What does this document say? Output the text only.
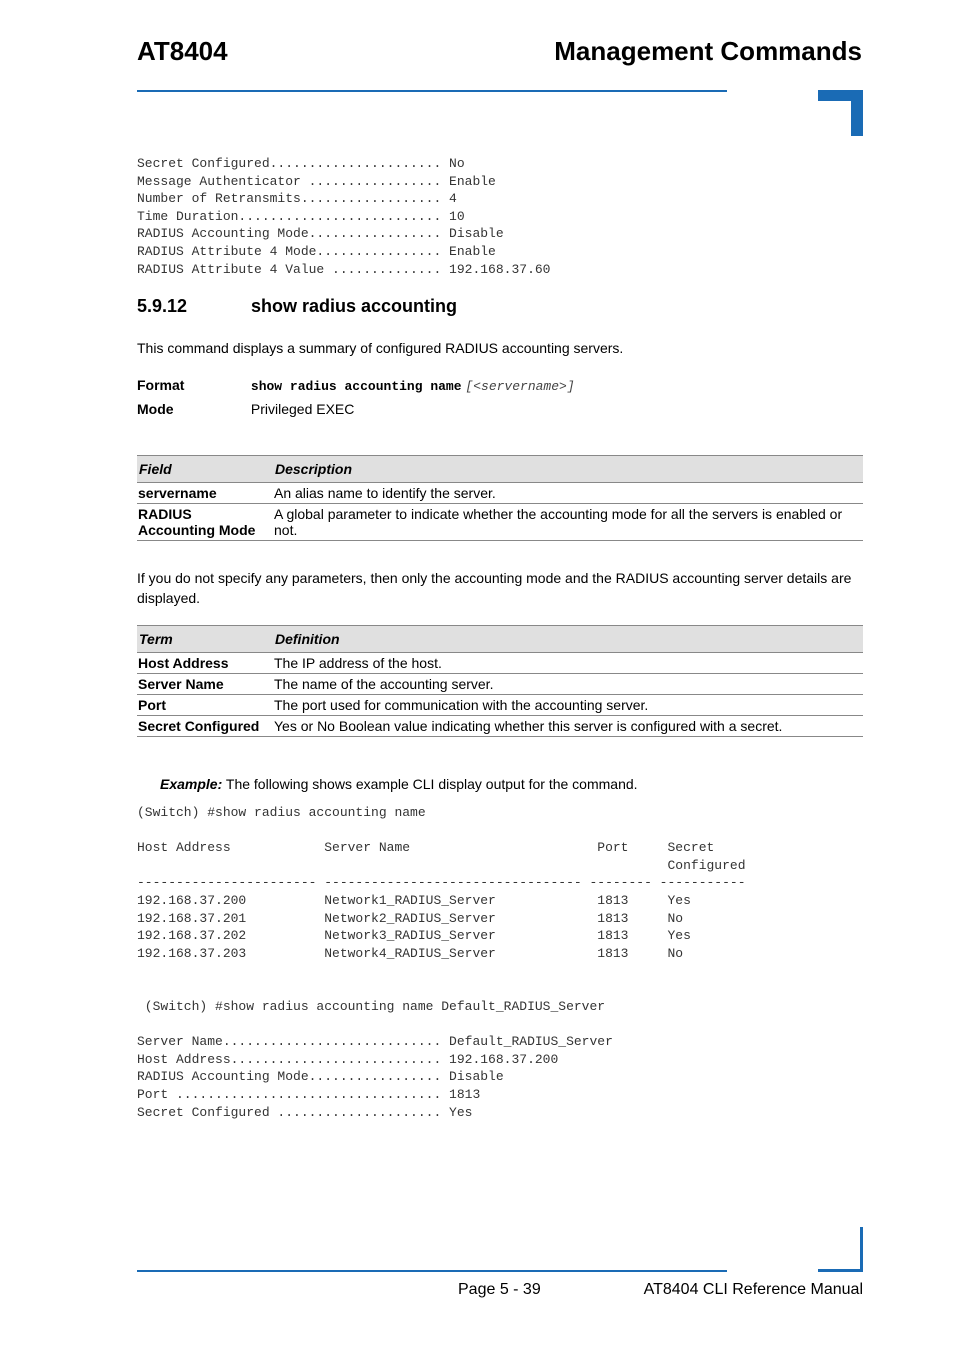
AT8404	Management Commands
Secret Configured...................... No
Message Authenticator ................. Enable
Number of Retransmits.................. 4
Time Duration.......................... 10
RADIUS Accounting Mode................. Disable
RADIUS Attribute 4 Mode................ Enable
RADIUS Attribute 4 Value .............. 192.168.37.60
5.9.12	show radius accounting
This command displays a summary of configured RADIUS accounting servers.
Format	show radius accounting name [<servername>]
Mode	Privileged EXEC
Field	Description
servername	An alias name to identify the server.
RADIUS Accounting Mode	A global parameter to indicate whether the accounting mode for all the servers is enabled or not.
If you do not specify any parameters, then only the accounting mode and the RADIUS accounting server details are displayed.
Term	Definition
Host Address	The IP address of the host.
Server Name	The name of the accounting server.
Port	The port used for communication with the accounting server.
Secret Configured	Yes or No Boolean value indicating whether this server is configured with a secret.
Example: The following shows example CLI display output for the command.
(Switch) #show radius accounting name

Host Address            Server Name                        Port     Secret
Configured
----------------------- --------------------------------- -------- -----------
192.168.37.200          Network1_RADIUS_Server             1813     Yes
192.168.37.201          Network2_RADIUS_Server             1813     No
192.168.37.202          Network3_RADIUS_Server             1813     Yes
192.168.37.203          Network4_RADIUS_Server             1813     No
(Switch) #show radius accounting name Default_RADIUS_Server

Server Name............................ Default_RADIUS_Server
Host Address........................... 192.168.37.200
RADIUS Accounting Mode................. Disable
Port .................................. 1813
Secret Configured ..................... Yes
Page 5 - 39	AT8404 CLI Reference Manual
